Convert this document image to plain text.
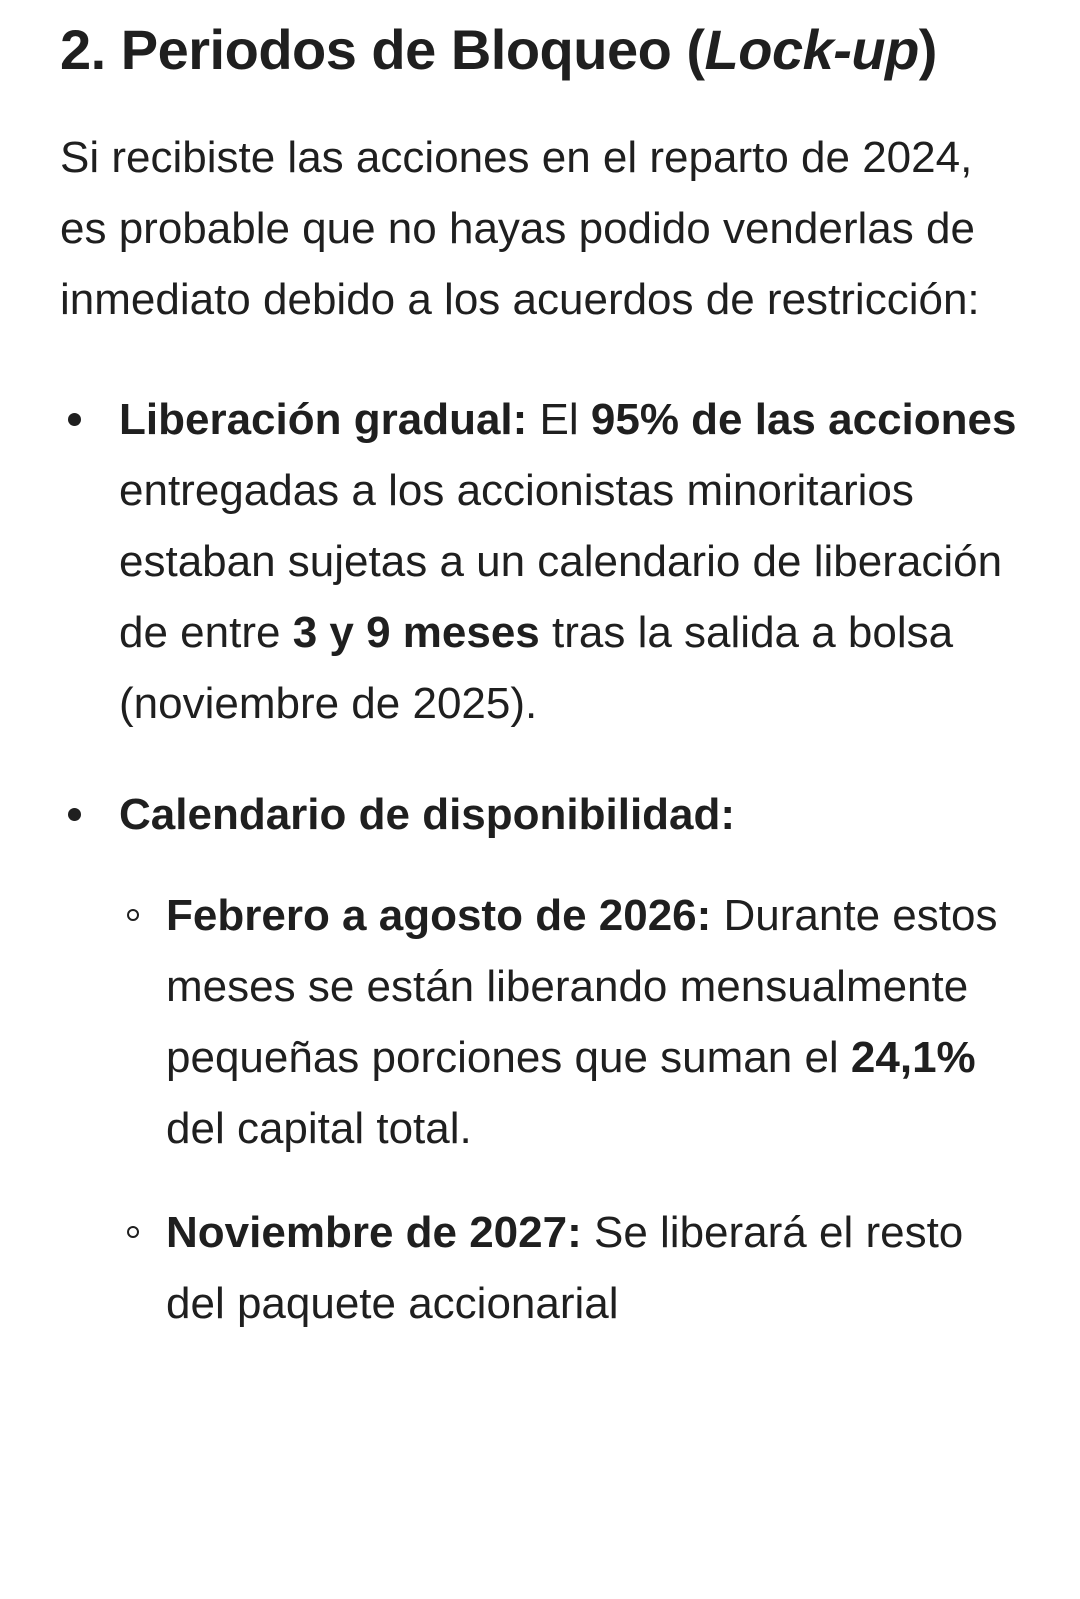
2. Periodos de Bloqueo (Lock-up)

Si recibiste las acciones en el reparto de 2024, es probable que no hayas podido venderlas de inmediato debido a los acuerdos de restricción:

Liberación gradual: El 95% de las acciones entregadas a los accionistas minoritarios estaban sujetas a un calendario de liberación de entre 3 y 9 meses tras la salida a bolsa (noviembre de 2025).
Calendario de disponibilidad:
Febrero a agosto de 2026: Durante estos meses se están liberando mensualmente pequeñas porciones que suman el 24,1% del capital total.
Noviembre de 2027: Se liberará el resto del paquete accionarial
